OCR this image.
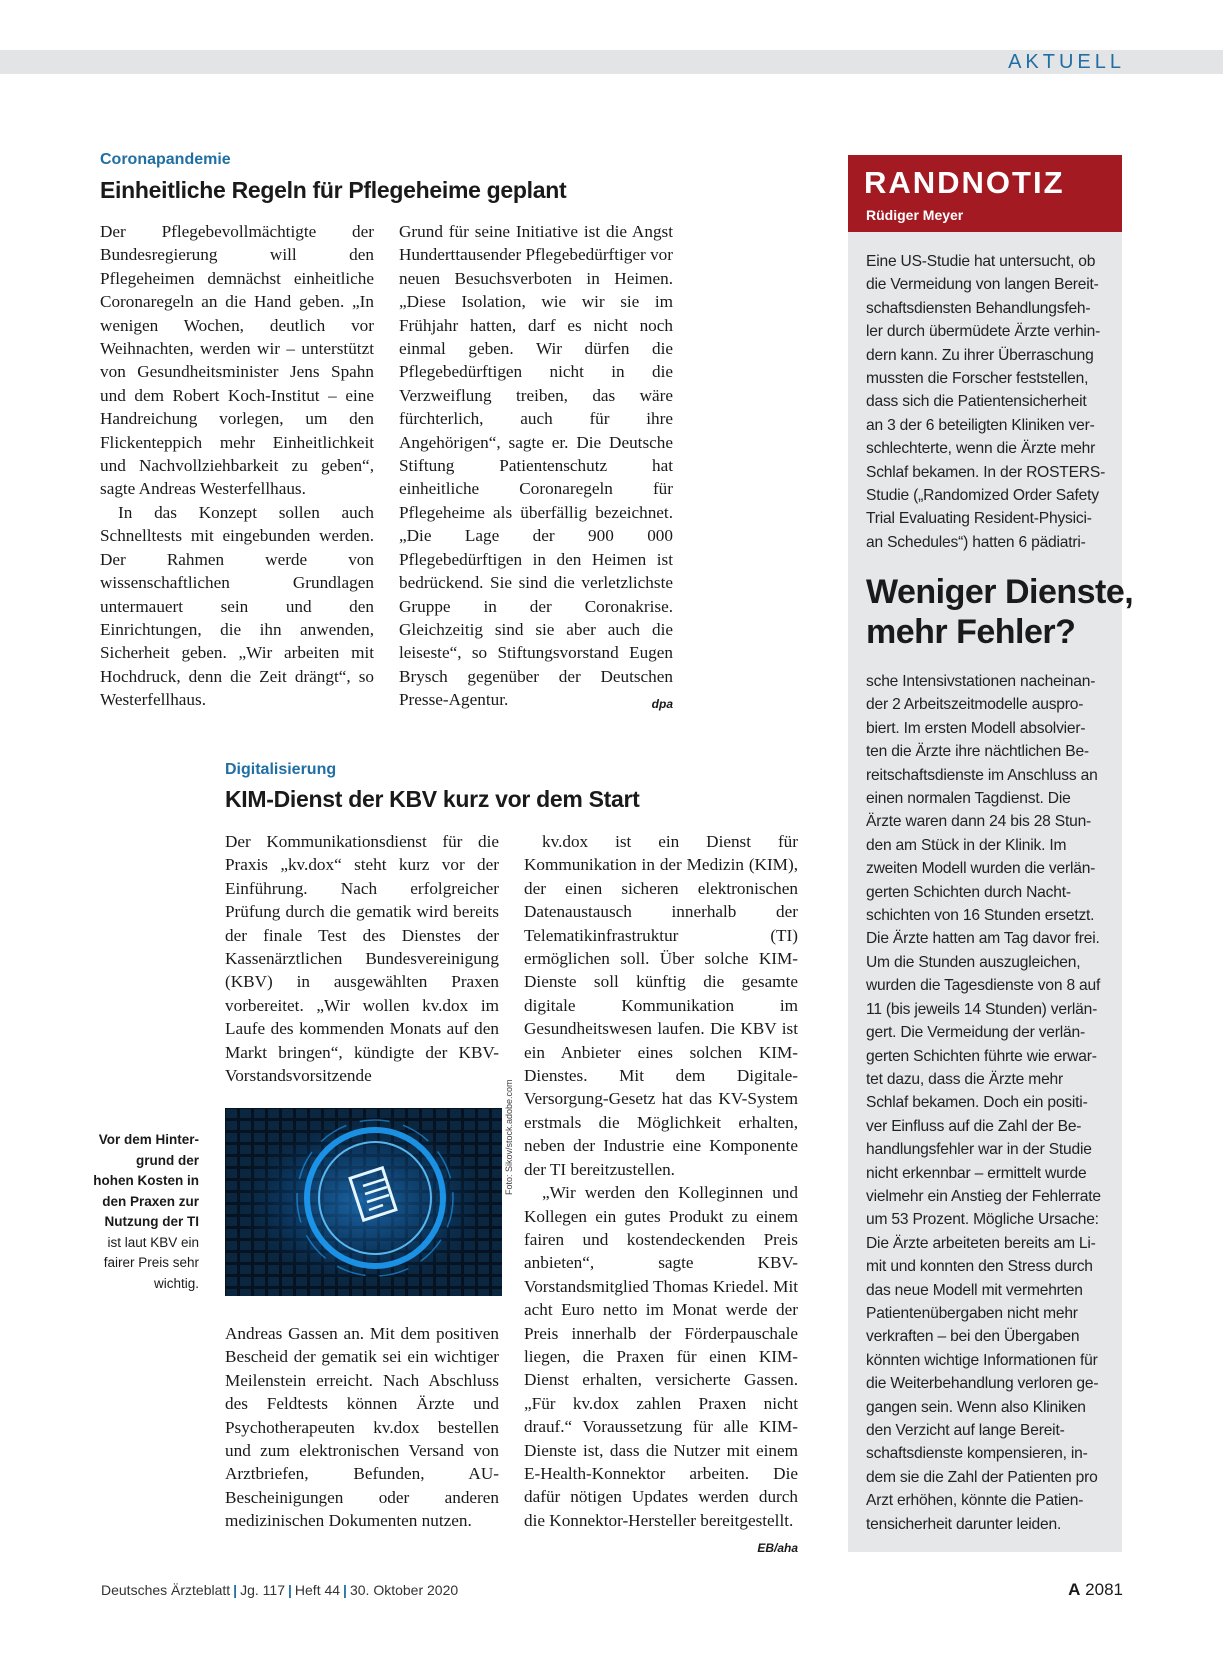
AKTUELL
Coronapandemie
Einheitliche Regeln für Pflegeheime geplant

Der Pflegebevollmächtigte der Bundesregierung will den Pflegeheimen demnächst einheitliche Coronaregeln an die Hand geben. „In wenigen Wochen, deutlich vor Weihnachten, werden wir – unterstützt von Gesundheitsminister Jens Spahn und dem Robert Koch-Institut – eine Handreichung vorlegen, um den Flickenteppich mehr Einheitlichkeit und Nachvollziehbarkeit zu geben“, sagte Andreas Westerfellhaus.

In das Konzept sollen auch Schnelltests mit eingebunden werden. Der Rahmen werde von wissenschaftlichen Grundlagen untermauert sein und den Einrichtungen, die ihn anwenden, Sicherheit geben. „Wir arbeiten mit Hochdruck, denn die Zeit drängt“, so Westerfellhaus.

Grund für seine Initiative ist die Angst Hunderttausender Pflegebedürftiger vor neuen Besuchsverboten in Heimen. „Diese Isolation, wie wir sie im Frühjahr hatten, darf es nicht noch einmal geben. Wir dürfen die Pflegebedürftigen nicht in die Verzweiflung treiben, das wäre fürchterlich, auch für ihre Angehörigen“, sagte er. Die Deutsche Stiftung Patientenschutz hat einheitliche Coronaregeln für Pflegeheime als überfällig bezeichnet. „Die Lage der 900 000 Pflegebedürftigen in den Heimen ist bedrückend. Sie sind die verletzlichste Gruppe in der Coronakrise. Gleichzeitig sind sie aber auch die leiseste“, so Stiftungsvorstand Eugen Brysch gegenüber der Deutschen Presse-Agentur.	dpa

Digitalisierung
KIM-Dienst der KBV kurz vor dem Start

Der Kommunikationsdienst für die Praxis „kv.dox“ steht kurz vor der Einführung. Nach erfolgreicher Prüfung durch die gematik wird bereits der finale Test des Dienstes der Kassenärztlichen Bundesvereinigung (KBV) in ausgewählten Praxen vorbereitet. „Wir wollen kv.dox im Laufe des kommenden Monats auf den Markt bringen“, kündigte der KBV-Vorstandsvorsitzende

Foto: Sikov/stock.adobe.com
Vor dem Hinter-
grund der
hohen Kosten in
den Praxen zur
Nutzung der TI
ist laut KBV ein
fairer Preis sehr
wichtig.

Andreas Gassen an. Mit dem positiven Bescheid der gematik sei ein wichtiger Meilenstein erreicht. Nach Abschluss des Feldtests können Ärzte und Psychotherapeuten kv.dox bestellen und zum elektronischen Versand von Arztbriefen, Befunden, AU-Bescheinigungen oder anderen medizinischen Dokumenten nutzen.

kv.dox ist ein Dienst für Kommunikation in der Medizin (KIM), der einen sicheren elektronischen Datenaustausch innerhalb der Telematikinfrastruktur (TI) ermöglichen soll. Über solche KIM-Dienste soll künftig die gesamte digitale Kommunikation im Gesundheitswesen laufen. Die KBV ist ein Anbieter eines solchen KIM-Dienstes. Mit dem Digitale-Versorgung-Gesetz hat das KV-System erstmals die Möglichkeit erhalten, neben der Industrie eine Komponente der TI bereitzustellen.

„Wir werden den Kolleginnen und Kollegen ein gutes Produkt zu einem fairen und kostendeckenden Preis anbieten“, sagte KBV-Vorstandsmitglied Thomas Kriedel. Mit acht Euro netto im Monat werde der Preis innerhalb der Förderpauschale liegen, die Praxen für einen KIM-Dienst erhalten, versicherte Gassen. „Für kv.dox zahlen Praxen nicht drauf.“ Voraussetzung für alle KIM-Dienste ist, dass die Nutzer mit einem E-Health-Konnektor arbeiten. Die dafür nötigen Updates werden durch die Konnektor-Hersteller bereitgestellt.
EB/aha

RANDNOTIZ
Rüdiger Meyer
Eine US-Studie hat untersucht, ob
die Vermeidung von langen Bereit-
schaftsdiensten Behandlungsfeh-
ler durch übermüdete Ärzte verhin-
dern kann. Zu ihrer Überraschung
mussten die Forscher feststellen,
dass sich die Patientensicherheit
an 3 der 6 beteiligten Kliniken ver-
schlechterte, wenn die Ärzte mehr
Schlaf bekamen. In der ROSTERS-
Studie („Randomized Order Safety
Trial Evaluating Resident-Physici-
an Schedules“) hatten 6 pädiatri-
Weniger Dienste,
mehr Fehler?
sche Intensivstationen nacheinan-
der 2 Arbeitszeitmodelle auspro-
biert. Im ersten Modell absolvier-
ten die Ärzte ihre nächtlichen Be-
reitschaftsdienste im Anschluss an
einen normalen Tagdienst. Die
Ärzte waren dann 24 bis 28 Stun-
den am Stück in der Klinik. Im
zweiten Modell wurden die verlän-
gerten Schichten durch Nacht-
schichten von 16 Stunden ersetzt.
Die Ärzte hatten am Tag davor frei.
Um die Stunden auszugleichen,
wurden die Tagesdienste von 8 auf
11 (bis jeweils 14 Stunden) verlän-
gert. Die Vermeidung der verlän-
gerten Schichten führte wie erwar-
tet dazu, dass die Ärzte mehr
Schlaf bekamen. Doch ein positi-
ver Einfluss auf die Zahl der Be-
handlungsfehler war in der Studie
nicht erkennbar – ermittelt wurde
vielmehr ein Anstieg der Fehlerrate
um 53 Prozent. Mögliche Ursache:
Die Ärzte arbeiteten bereits am Li-
mit und konnten den Stress durch
das neue Modell mit vermehrten
Patientenübergaben nicht mehr
verkraften – bei den Übergaben
könnten wichtige Informationen für
die Weiterbehandlung verloren ge-
gangen sein. Wenn also Kliniken
den Verzicht auf lange Bereit-
schaftsdienste kompensieren, in-
dem sie die Zahl der Patienten pro
Arzt erhöhen, könnte die Patien-
tensicherheit darunter leiden.
Deutsches Ärzteblatt | Jg. 117 | Heft 44 | 30. Oktober 2020	A 2081
